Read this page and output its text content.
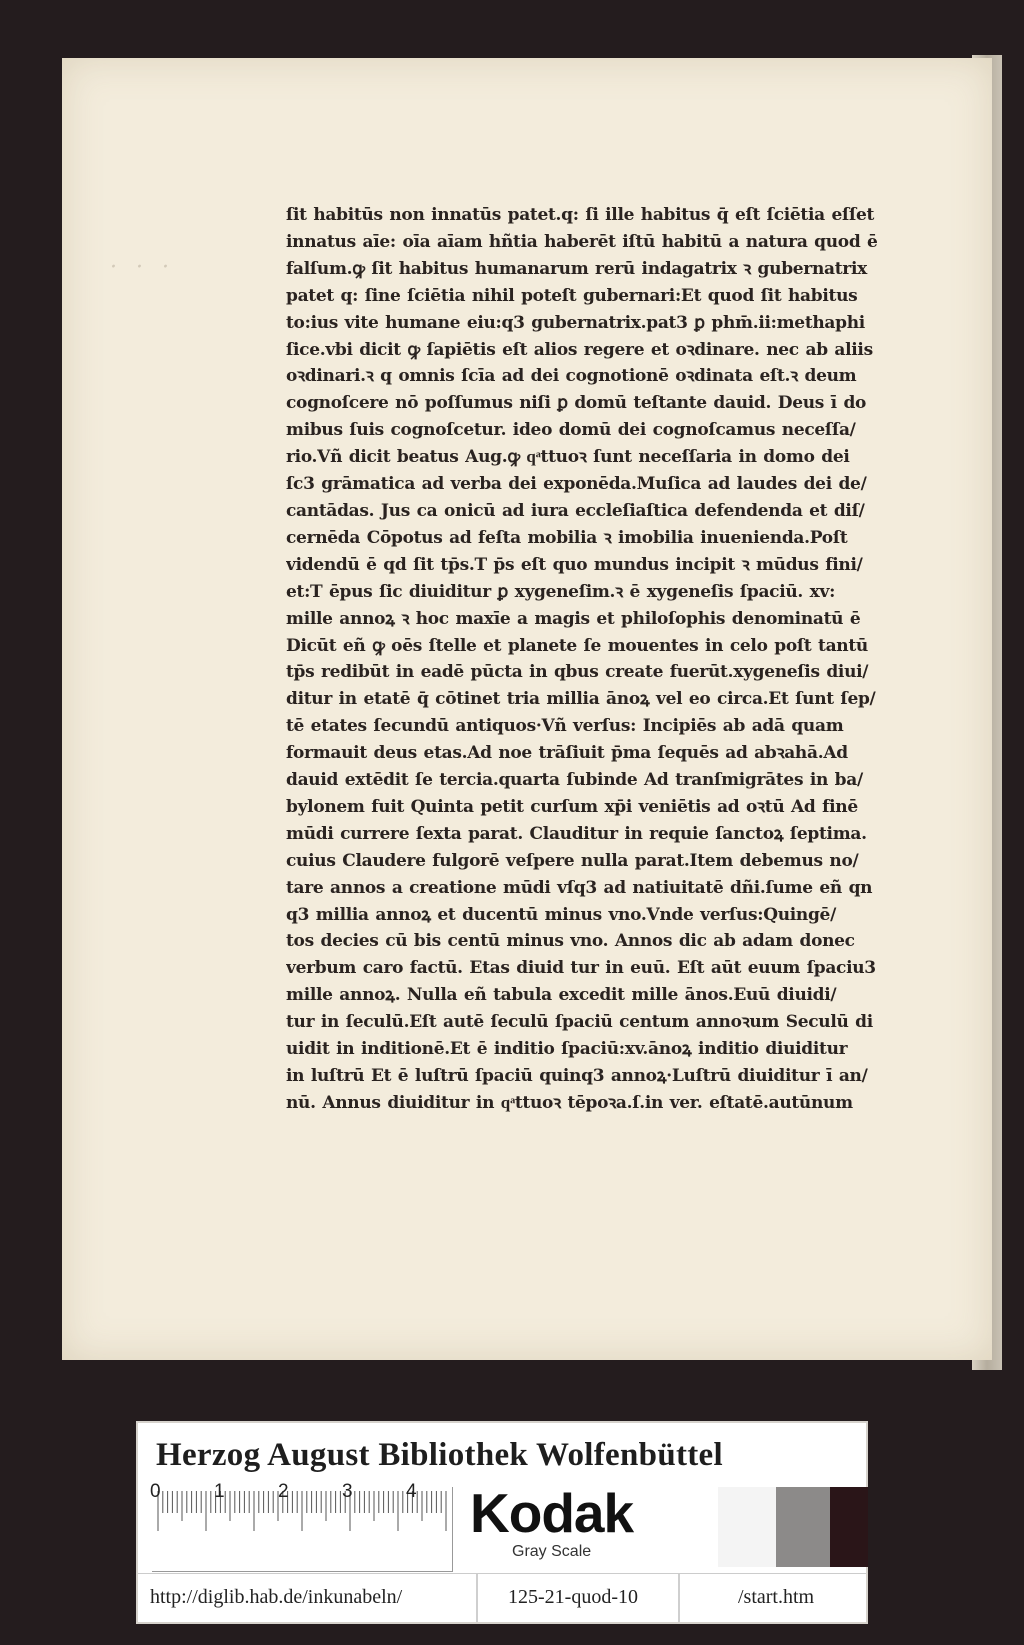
· · ·
ſit habitūs non innatūs patet.q: ſi ille habitus q̄ eſt ſciētia eſſet
innatus aīe: oīa aīam hñtia haberēt iſtū habitū a natura quod ē
falſum.ꝙ ſit habitus humanarum rerū indagatrix ꝛ gubernatrix
patet q: ſine ſciētia nihil poteſt gubernari:Et quod ſit habitus
to:ius vite humane eiu:q3 gubernatrix.pat3 ꝑ phm̄.ii:methaphi
ſice.vbi dicit ꝙ ſapiētis eſt alios regere et oꝛdinare. nec ab aliis
oꝛdinari.ꝛ q omnis ſcīa ad dei cognotionē oꝛdinata eſt.ꝛ deum
cognoſcere nō poſſumus niſi ꝑ domū teſtante dauid. Deus ī do
mibus ſuis cognoſcetur. ideo domū dei cognoſcamus neceſſa/
rio.Vñ dicit beatus Aug.ꝙ qͣttuoꝛ ſunt neceſſaria in domo dei
ſc3 grāmatica ad verba dei exponēda.Muſica ad laudes dei de/
cantādas. Jus ca onicū ad iura eccleſiaſtica defendenda et diſ/
cernēda Cōpotus ad feſta mobilia ꝛ imobilia inuenienda.Poſt
videndū ē qd ſit tp̄s.T p̄s eſt quo mundus incipit ꝛ mūdus fini/
et:T ēpus ſic diuiditur ꝑ xygeneſim.ꝛ ē xygeneſis ſpaciū. xv:
mille annoꝝ ꝛ hoc maxīe a magis et philoſophis denominatū ē
Dicūt eñ ꝙ oēs ſtelle et planete ſe mouentes in celo poſt tantū
tp̄s redibūt in eadē pūcta in qbus create fuerūt.xygeneſis diui/
ditur in etatē q̄ cōtinet tria millia ānoꝝ vel eo circa.Et ſunt ſep/
tē etates ſecundū antiquos·Vñ verſus: Incipiēs ab adā quam
formauit deus etas.Ad noe trāſiuit p̄ma ſequēs ad abꝛahā.Ad
dauid extēdit ſe tercia.quarta ſubinde Ad tranſmigrātes in ba/
bylonem fuit Quinta petit curſum xp̄i veniētis ad oꝛtū Ad finē
mūdi currere ſexta parat. Clauditur in requie ſanctoꝝ ſeptima.
cuius Claudere fulgorē veſpere nulla parat.Item debemus no/
tare annos a creatione mūdi vſq3 ad natiuitatē dñi.ſume eñ qn
q3 millia annoꝝ et ducentū minus vno.Vnde verſus:Quingē/
tos decies cū bis centū minus vno. Annos dic ab adam donec
verbum caro factū. Etas diuid tur in euū. Eſt aūt euum ſpaciu3
mille annoꝝ. Nulla eñ tabula excedit mille ānos.Euū diuidi/
tur in ſeculū.Eſt autē ſeculū ſpaciū centum annoꝛum Seculū di
uidit in inditionē.Et ē inditio ſpaciū:xv.ānoꝝ inditio diuiditur
in luſtrū Et ē luſtrū ſpaciū quinq3 annoꝝ·Luſtrū diuiditur ī an/
nū. Annus diuiditur in qͣttuoꝛ tēpoꝛa.ſ.in ver. eſtatē.autūnum
Herzog August Bibliothek Wolfenbüttel
0	1	2	3	4 Kodak
Gray Scale
http://diglib.hab.de/inkunabeln/	125-21-quod-10	/start.htm
